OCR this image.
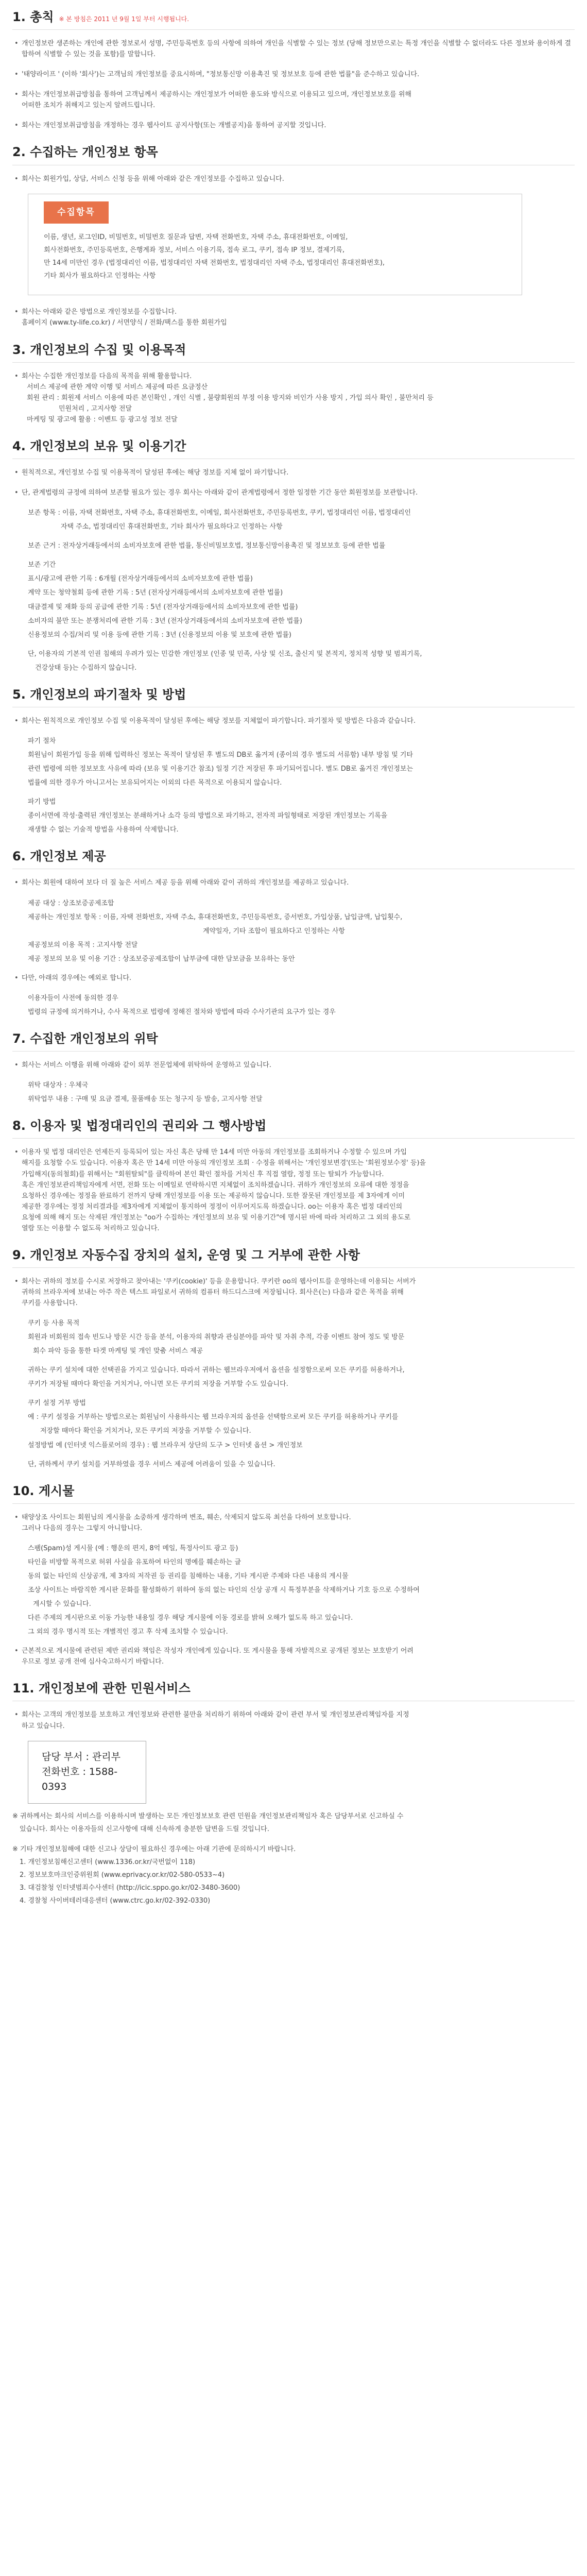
1. 총칙 ※ 본 방침은 2011 년 9월 1일 부터 시행됩니다.
• 개인정보란 생존하는 개인에 관한 정보로서 성명, 주민등록번호 등의 사항에 의하여 개인을 식별할 수 있는 정보 (당해 정보만으로는 특정 개인을 식별할 수 없더라도 다른 정보와 용이하게 결합하여 식별할 수 있는 것을 포함)를 말합니다.
• '태양라이프 ' (이하 '회사')는 고객님의 개인정보를 중요시하며, "정보통신망 이용촉진 및 정보보호 등에 관한 법률"을 준수하고 있습니다.
• 회사는 개인정보취급방침을 통하여 고객님께서 제공하시는 개인정보가 어떠한 용도와 방식으로 이용되고 있으며, 개인정보보호를 위해
어떠한 조치가 취해지고 있는지 알려드립니다.
• 회사는 개인정보취급방침을 개정하는 경우 웹사이트 공지사항(또는 개별공지)을 통하여 공지할 것입니다.
2. 수집하는 개인정보 항목
• 회사는 회원가입, 상담, 서비스 신청 등을 위해 아래와 같은 개인정보를 수집하고 있습니다.
수집항목
이름, 생년, 로그인ID, 비밀번호, 비밀번호 질문과 답변, 자택 전화번호, 자택 주소, 휴대전화번호, 이메일,
회사전화번호, 주민등록번호, 은행계좌 정보, 서비스 이용기록, 접속 로그, 쿠키, 접속 IP 정보, 결제기록,
만 14세 미만인 경우 (법정대리인 이름, 법정대리인 자택 전화번호, 법정대리인 자택 주소, 법정대리인 휴대전화번호),
기타 회사가 필요하다고 인정하는 사항
• 회사는 아래와 같은 방법으로 개인정보를 수집합니다.
홈페이지 (www.ty-life.co.kr) / 서면양식 / 전화/팩스를 통한 회원가입
3. 개인정보의 수집 및 이용목적
• 회사는 수집한 개인정보를 다음의 목적을 위해 활용합니다.
서비스 제공에 관한 계약 이행 및 서비스 제공에 따른 요금정산
회원 관리 : 회원제 서비스 이용에 따른 본인확인 , 개인 식별 , 불량회원의 부정 이용 방지와 비인가 사용 방지 , 가입 의사 확인 , 불만처리 등
민원처리 , 고지사항 전달
마케팅 및 광고에 활용 : 이벤트 등 광고성 정보 전달
4. 개인정보의 보유 및 이용기간
• 원칙적으로, 개인정보 수집 및 이용목적이 달성된 후에는 해당 정보를 지체 없이 파기합니다.
• 단, 관계법령의 규정에 의하여 보존할 필요가 있는 경우 회사는 아래와 같이 관계법령에서 정한 일정한 기간 동안 회원정보를 보관합니다.
보존 항목 : 이름, 자택 전화번호, 자택 주소, 휴대전화번호, 이메일, 회사전화번호, 주민등록번호, 쿠키, 법정대리인 이름, 법정대리인
자택 주소, 법정대리인 휴대전화번호, 기타 회사가 필요하다고 인정하는 사항
보존 근거 : 전자상거래등에서의 소비자보호에 관한 법률, 통신비밀보호법, 정보통신망이용촉진 및 정보보호 등에 관한 법률
보존 기간
표시/광고에 관한 기록 : 6개월 (전자상거래등에서의 소비자보호에 관한 법률)
계약 또는 청약철회 등에 관한 기록 : 5년 (전자상거래등에서의 소비자보호에 관한 법률)
대금결제 및 재화 등의 공급에 관한 기록 : 5년 (전자상거래등에서의 소비자보호에 관한 법률)
소비자의 불만 또는 분쟁처리에 관한 기록 : 3년 (전자상거래등에서의 소비자보호에 관한 법률)
신용정보의 수집/처리 및 이용 등에 관한 기록 : 3년 (신용정보의 이용 및 보호에 관한 법률)
단, 이용자의 기본적 인권 침해의 우려가 있는 민감한 개인정보 (인종 및 민족, 사상 및 신조, 출신지 및 본적지, 정치적 성향 및 범죄기록,
건강상태 등)는 수집하지 않습니다.
5. 개인정보의 파기절차 및 방법
• 회사는 원칙적으로 개인정보 수집 및 이용목적이 달성된 후에는 해당 정보를 지체없이 파기합니다. 파기절차 및 방법은 다음과 같습니다.
파기 절차
회원님이 회원가입 등을 위해 입력하신 정보는 목적이 달성된 후 별도의 DB로 옮겨져 (종이의 경우 별도의 서류함) 내부 방침 및 기타
관련 법령에 의한 정보보호 사유에 따라 (보유 및 이용기간 참조) 일정 기간 저장된 후 파기되어집니다. 별도 DB로 옮겨진 개인정보는
법률에 의한 경우가 아니고서는 보유되어지는 이외의 다른 목적으로 이용되지 않습니다.
파기 방법
종이서면에 작성·출력된 개인정보는 분쇄하거나 소각 등의 방법으로 파기하고, 전자적 파일형태로 저장된 개인정보는 기록을
재생할 수 없는 기술적 방법을 사용하여 삭제합니다.
6. 개인정보 제공
• 회사는 회원에 대하여 보다 더 질 높은 서비스 제공 등을 위해 아래와 같이 귀하의 개인정보를 제공하고 있습니다.
제공 대상 : 상조보증공제조합
제공하는 개인정보 항목 : 이름, 자택 전화번호, 자택 주소, 휴대전화번호, 주민등록번호, 증서번호, 가입상품, 납입금액, 납입횟수,
계약일자, 기타 조합이 필요하다고 인정하는 사항
제공정보의 이용 목적 : 고지사항 전달
제공 정보의 보유 및 이용 기간 : 상조보증공제조합이 납부금에 대한 담보금을 보유하는 동안
• 다만, 아래의 경우에는 예외로 합니다.
이용자들이 사전에 동의한 경우
법령의 규정에 의거하거나, 수사 목적으로 법령에 정해진 절차와 방법에 따라 수사기관의 요구가 있는 경우
7. 수집한 개인정보의 위탁
• 회사는 서비스 이행을 위해 아래와 같이 외부 전문업체에 위탁하여 운영하고 있습니다.
위탁 대상자 : 우체국
위탁업무 내용 : 구매 및 요금 결제, 물품배송 또는 청구지 등 발송, 고지사항 전달
8. 이용자 및 법정대리인의 권리와 그 행사방법
• 이용자 및 법정 대리인은 언제든지 등록되어 있는 자신 혹은 당해 만 14세 미만 아동의 개인정보를 조회하거나 수정할 수 있으며 가입
해지를 요청할 수도 있습니다. 이용자 혹은 만 14세 미만 아동의 개인정보 조회 · 수정을 위해서는 '개인정보변경'(또는 '회원정보수정' 등)을
가입해지(동의철회)를 위해서는 "회원탈퇴"를 클릭하여 본인 확인 절차를 거치신 후 직접 열람, 정정 또는 탈퇴가 가능합니다.
혹은 개인정보관리책임자에게 서면, 전화 또는 이메일로 연락하시면 지체없이 조치하겠습니다. 귀하가 개인정보의 오류에 대한 정정을
요청하신 경우에는 정정을 완료하기 전까지 당해 개인정보를 이용 또는 제공하지 않습니다. 또한 잘못된 개인정보를 제 3자에게 이미
제공한 경우에는 정정 처리결과를 제3자에게 지체없이 통지하여 정정이 이루어지도록 하겠습니다. oo는 이용자 혹은 법정 대리인의
요청에 의해 해지 또는 삭제된 개인정보는 "oo가 수집하는 개인정보의 보유 및 이용기간"에 명시된 바에 따라 처리하고 그 외의 용도로
열람 또는 이용할 수 없도록 처리하고 있습니다.
9. 개인정보 자동수집 장치의 설치, 운영 및 그 거부에 관한 사항
• 회사는 귀하의 정보를 수시로 저장하고 찾아내는 '쿠키(cookie)' 등을 운용합니다. 쿠키란 oo의 웹사이트를 운영하는데 이용되는 서버가
귀하의 브라우저에 보내는 아주 작은 텍스트 파일로서 귀하의 컴퓨터 하드디스크에 저장됩니다. 회사은(는) 다음과 같은 목적을 위해
쿠키를 사용합니다.
쿠키 등 사용 목적
회원과 비회원의 접속 빈도나 방문 시간 등을 분석, 이용자의 취향과 관심분야를 파악 및 자취 추적, 각종 이벤트 참여 정도 및 방문
회수 파악 등을 통한 타겟 마케팅 및 개인 맞춤 서비스 제공
귀하는 쿠키 설치에 대한 선택권을 가지고 있습니다. 따라서 귀하는 웹브라우저에서 옵션을 설정함으로써 모든 쿠키를 허용하거나,
쿠키가 저장될 때마다 확인을 거치거나, 아니면 모든 쿠키의 저장을 거부할 수도 있습니다.
쿠키 설정 거부 방법
예 : 쿠키 설정을 거부하는 방법으로는 회원님이 사용하시는 웹 브라우저의 옵션을 선택함으로써 모든 쿠키를 허용하거나 쿠키를
저장할 때마다 확인을 거치거나, 모든 쿠키의 저장을 거부할 수 있습니다.
설정방법 예 (인터넷 익스플로어의 경우) : 웹 브라우저 상단의 도구 > 인터넷 옵션 > 개인정보
단, 귀하께서 쿠키 설치를 거부하였을 경우 서비스 제공에 어려움이 있을 수 있습니다.
10. 게시물
• 태양상조 사이트는 회원님의 게시물을 소중하게 생각하며 변조, 훼손, 삭제되지 않도록 최선을 다하여 보호합니다.
그러나 다음의 경우는 그렇지 아니합니다.
스팸(Spam)성 게시물 (예 : 행운의 편지, 8억 메일, 특정사이트 광고 등)
타인을 비방할 목적으로 허위 사실을 유포하여 타인의 명예를 훼손하는 글
동의 없는 타인의 신상공개, 제 3자의 저작권 등 권리를 침해하는 내용, 기타 게시판 주제와 다른 내용의 게시물
조상 사이트는 바람직한 게시판 문화를 활성화하기 위하여 동의 없는 타인의 신상 공개 시 특정부분을 삭제하거나 기호 등으로 수정하여
게시할 수 있습니다.
다른 주제의 게시판으로 이동 가능한 내용일 경우 해당 게시물에 이동 경로를 밝혀 오해가 없도록 하고 있습니다.
그 외의 경우 명시적 또는 개별적인 경고 후 삭제 조치할 수 있습니다.
• 근본적으로 게시물에 관련된 제반 권리와 책임은 작성자 개인에게 있습니다. 또 게시물을 통해 자발적으로 공개된 정보는 보호받기 어려
우므로 정보 공개 전에 심사숙고하시기 바랍니다.
11. 개인정보에 관한 민원서비스
• 회사는 고객의 개인정보를 보호하고 개인정보와 관련한 불만을 처리하기 위하여 아래와 같이 관련 부서 및 개인정보관리책임자를 지정
하고 있습니다.
담당 부서 : 관리부
전화번호 : 1588-0393
※ 귀하께서는 회사의 서비스를 이용하시며 발생하는 모든 개인정보보호 관련 민원을 개인정보관리책임자 혹은 담당부서로 신고하실 수
있습니다. 회사는 이용자들의 신고사항에 대해 신속하게 충분한 답변을 드릴 것입니다.
※ 기타 개인정보침해에 대한 신고나 상담이 필요하신 경우에는 아래 기관에 문의하시기 바랍니다.
1. 개인정보침해신고센터 (www.1336.or.kr/국번없이 118)
2. 정보보호마크인증위원회 (www.eprivacy.or.kr/02-580-0533~4)
3. 대검찰청 인터넷범죄수사센터 (http://icic.sppo.go.kr/02-3480-3600)
4. 경찰청 사이버테러대응센터 (www.ctrc.go.kr/02-392-0330)
